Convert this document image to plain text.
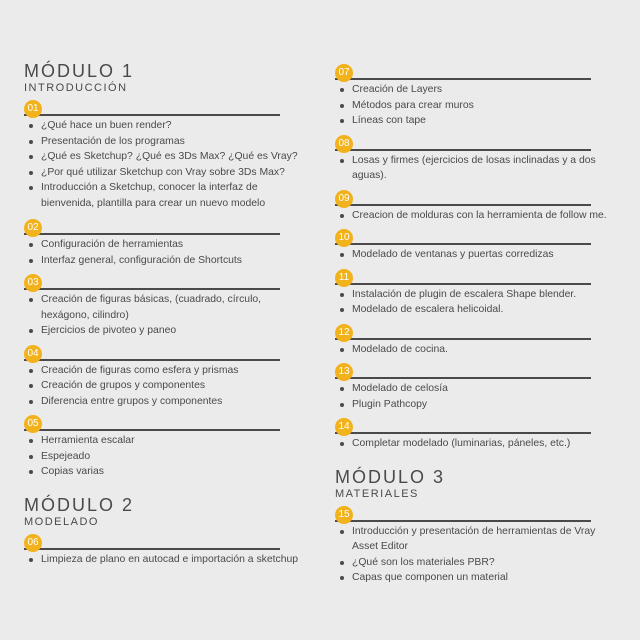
MÓDULO 1
INTRODUCCIÓN
01
¿Qué hace un buen render?
Presentación de los programas
¿Qué es Sketchup? ¿Qué es 3Ds Max? ¿Qué es Vray?
¿Por qué utilizar Sketchup con Vray sobre 3Ds Max?
Introducción a Sketchup, conocer la interfaz de bienvenida, plantilla para crear un nuevo modelo
02
Configuración de herramientas
Interfaz general, configuración de Shortcuts
03
Creación de figuras básicas, (cuadrado, círculo, hexágono, cilindro)
Ejercicios de pivoteo y paneo
04
Creación de figuras como esfera y prismas
Creación de grupos y componentes
Diferencia entre grupos y componentes
05
Herramienta escalar
Espejeado
Copias varias
MÓDULO 2
MODELADO
06
Limpieza de plano en autocad e importación a sketchup
07
Creación de Layers
Métodos para crear muros
Líneas con tape
08
Losas y firmes (ejercicios de losas inclinadas y a dos aguas).
09
Creacion de molduras con la herramienta de follow me.
10
Modelado de ventanas y puertas corredizas
11
Instalación de plugin de escalera Shape blender.
Modelado de escalera helicoidal.
12
Modelado de cocina.
13
Modelado de celosía
Plugin Pathcopy
14
Completar modelado (luminarias, páneles, etc.)
MÓDULO 3
MATERIALES
15
Introducción y presentación de herramientas de Vray Asset Editor
¿Qué son los materiales PBR?
Capas que componen un material
